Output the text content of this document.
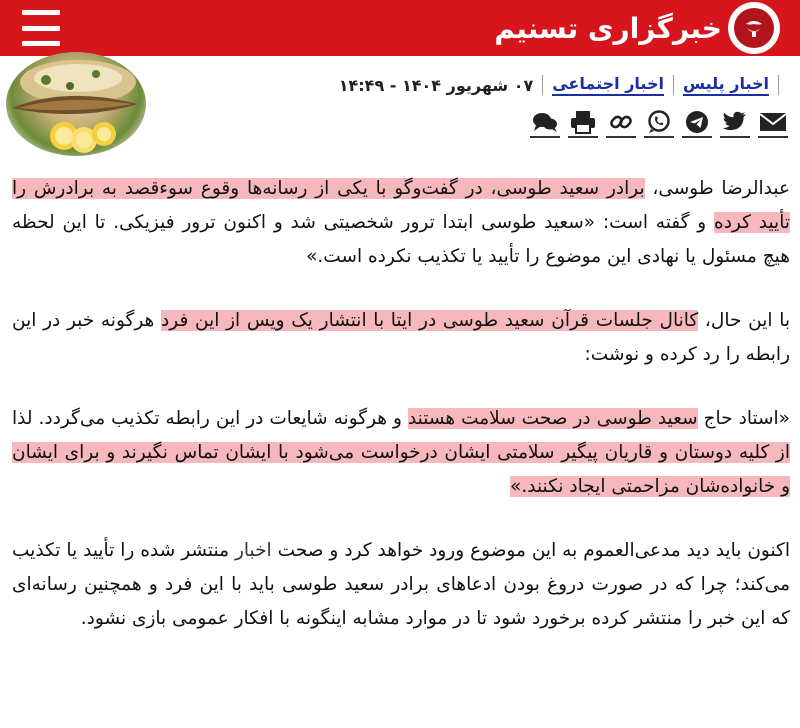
خبرگزاری تسنیم
۰۷ شهریور ۱۴۰۴ - ۱۴:۴۹ اخبار اجتماعی اخبار پلیس

عبدالرضا طوسی، برادر سعید طوسی، در گفت‌وگو با یکی از رسانه‌ها وقوع سوءقصد به برادرش را تأیید کرده و گفته است: «سعید طوسی ابتدا ترور شخصیتی شد و اکنون ترور فیزیکی. تا این لحظه هیچ مسئول یا نهادی این موضوع را تأیید یا تکذیب نکرده است.»

با این حال، کانال جلسات قرآن سعید طوسی در ایتا با انتشار یک ویس از این فرد هرگونه خبر در این رابطه را رد کرده و نوشت:

«استاد حاج سعید طوسی در صحت سلامت هستند و هرگونه شایعات در این رابطه تکذیب می‌گردد. لذا از کلیه دوستان و قاریان پیگیر سلامتی ایشان درخواست می‌شود با ایشان تماس نگیرند و برای ایشان و خانواده‌شان مزاحمتی ایجاد نکنند.»

اکنون باید دید مدعی‌العموم به این موضوع ورود خواهد کرد و صحت اخبار منتشر شده را تأیید یا تکذیب می‌کند؛ چرا که در صورت دروغ بودن ادعاهای برادر سعید طوسی باید با این فرد و همچنین رسانه‌ای که این خبر را منتشر کرده برخورد شود تا در موارد مشابه اینگونه با افکار عمومی بازی نشود.
